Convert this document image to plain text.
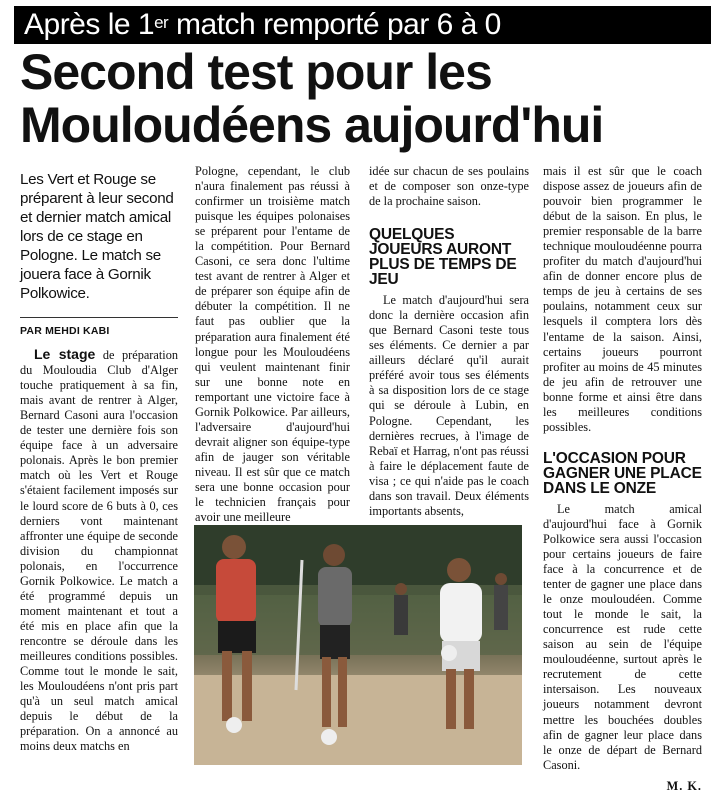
Après le 1er match remporté par 6 à 0
Second test pour les
Mouloudéens aujourd'hui

Les Vert et Rouge se préparent à leur second et dernier match amical lors de ce stage en Pologne. Le match se jouera face à Gornik Polkowice.

PAR MEHDI KABI

Le stage de préparation du Mouloudia Club d'Alger touche pratiquement à sa fin, mais avant de rentrer à Alger, Bernard Casoni aura l'occasion de tester une dernière fois son équipe face à un adversaire polonais. Après le bon premier match où les Vert et Rouge s'étaient facilement imposés sur le lourd score de 6 buts à 0, ces derniers vont maintenant affronter une équipe de seconde division du championnat polonais, en l'occurrence Gornik Polkowice. Le match a été programmé depuis un moment maintenant et tout a été mis en place afin que la rencontre se déroule dans les meilleures conditions possibles. Comme tout le monde le sait, les Mouloudéens n'ont pris part qu'à un seul match amical depuis le début de la préparation. On a annoncé au moins deux matchs en

Pologne, cependant, le club n'aura finalement pas réussi à confirmer un troisième match puisque les équipes polonaises se préparent pour l'entame de la compétition. Pour Bernard Casoni, ce sera donc l'ultime test avant de rentrer à Alger et de préparer son équipe afin de débuter la compétition. Il ne faut pas oublier que la préparation aura finalement été longue pour les Mouloudéens qui veulent maintenant finir sur une bonne note en remportant une victoire face à Gornik Polkowice. Par ailleurs, l'adversaire d'aujourd'hui devrait aligner son équipe-type afin de jauger son véritable niveau. Il est sûr que ce match sera une bonne occasion pour le technicien français pour avoir une meilleure

idée sur chacun de ses poulains et de composer son onze-type de la prochaine saison.

QUELQUES JOUEURS AURONT PLUS DE TEMPS DE JEU

Le match d'aujourd'hui sera donc la dernière occasion afin que Bernard Casoni teste tous ses éléments. Ce dernier a par ailleurs déclaré qu'il aurait préféré avoir tous ses éléments à sa disposition lors de ce stage qui se déroule à Lubin, en Pologne. Cependant, les dernières recrues, à l'image de Rebaï et Harrag, n'ont pas réussi à faire le déplacement faute de visa ; ce qui n'aide pas le coach dans son travail. Deux éléments importants absents,

mais il est sûr que le coach dispose assez de joueurs afin de pouvoir bien programmer le début de la saison. En plus, le premier responsable de la barre technique mouloudéenne pourra profiter du match d'aujourd'hui afin de donner encore plus de temps de jeu à certains de ses poulains, notamment ceux sur lesquels il comptera lors dès l'entame de la saison. Ainsi, certains joueurs pourront profiter au moins de 45 minutes de jeu afin de retrouver une bonne forme et ainsi être dans les meilleures conditions possibles.

L'OCCASION POUR GAGNER UNE PLACE DANS LE ONZE

Le match amical d'aujourd'hui face à Gornik Polkowice sera aussi l'occasion pour certains joueurs de faire face à la concurrence et de tenter de gagner une place dans le onze mouloudéen. Comme tout le monde le sait, la concurrence est rude cette saison au sein de l'équipe mouloudéenne, surtout après le recrutement de cette intersaison. Les nouveaux joueurs notamment devront mettre les bouchées doubles afin de gagner leur place dans le onze de départ de Bernard Casoni.

M. K.
